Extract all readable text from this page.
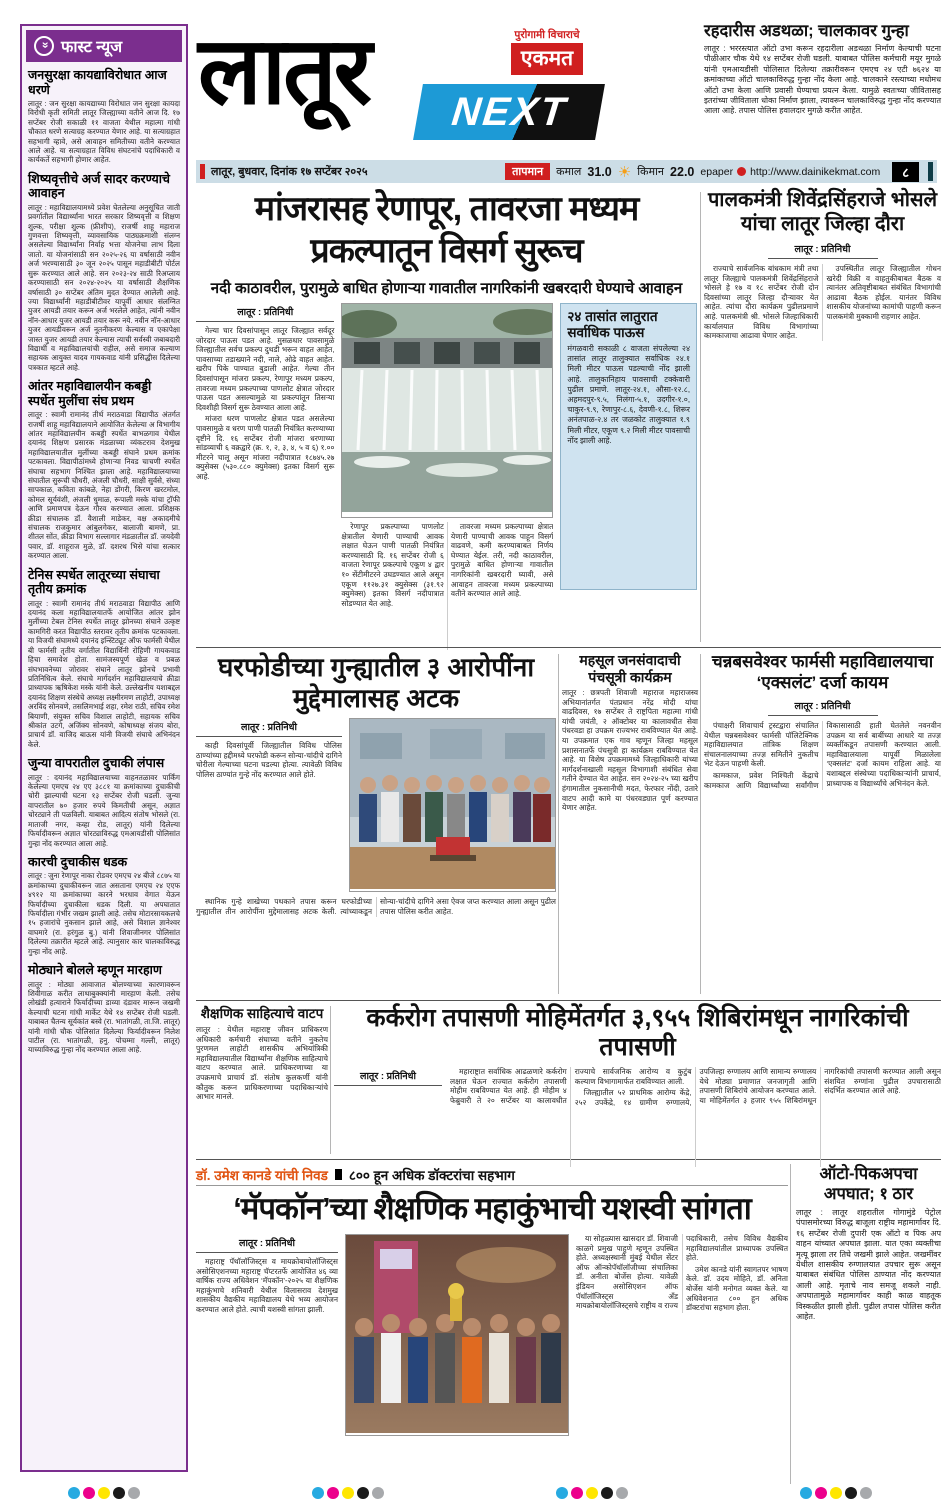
« फास्ट न्यूज
जनसुरक्षा कायद्याविरोधात आज धरणे
लातूर : जन सुरक्षा कायद्याच्या विरोधात जन सुरक्षा कायदा विरोधी कृती समिती लातूर जिल्ह्याच्या वतीने आज दि. १७ सप्टेंबर रोजी सकाळी ११ वाजता येथील महात्मा गांधी चौकात धरणे सत्याग्रह करण्यात येणार आहे. या सत्याग्रहात सहभागी व्हावे, असे आवाहन समितीच्या वतीने करण्यात आले आहे. या सत्याग्रहात विविध संघटनांचे पदाधिकारी व कार्यकर्ते सहभागी होणार आहेत.
शिष्यवृत्तीचे अर्ज सादर करण्याचे आवाहन
लातूर : महाविद्यालयामध्ये प्रवेश घेतलेल्या अनुसूचित जाती प्रवर्गातील विद्यार्थ्यांना भारत सरकार शिष्यवृत्ती व शिक्षण शुल्क, परीक्षा शुल्क (फ्रीशीप), राजर्षी शाहू महाराज गुणवत्ता शिष्यवृत्ती, व्यावसायिक पाठ्यक्रमाशी संलग्न असलेल्या विद्यार्थ्यांना निर्वाह भत्ता योजनेचा लाभ दिला जातो. या योजनांसाठी सन २०२५-२६ या वर्षासाठी नवीन अर्ज भरण्यासाठी ३० जून २०२५ पासून महाडीबीटी पोर्टल सुरू करण्यात आले आहे. सन २०२३-२४ साठी रिअप्लाय करण्यासाठी सन २०२४-२०२५ या वर्षासाठी शैक्षणिक वर्षासाठी ३० सप्टेंबर अंतिम मुदत देण्यात आलेली आहे. ज्या विद्यार्थ्यांनी महाडीबीटीवर यापूर्वी आधार संलग्नित युजर आयडी तयार करून अर्ज भरलेले आहेत, त्यांनी नवीन नॉन-आधार युजर आयडी तयार करू नये. नवीन नॉन-आधार युजर आयडीवरून अर्ज नूतनीकरण केल्यास व एकापेक्षा जास्त युजर आयडी तयार केल्यास त्याची सर्वस्वी जबाबदारी विद्यार्थी व महाविद्यालयांची राहील, असे समाज कल्याण सहायक आयुक्त यादव गायकवाड यांनी प्रसिद्धीस दिलेल्या पत्रकात म्हटले आहे.
आंतर महाविद्यालयीन कबड्डी स्पर्धेत मुलींचा संघ प्रथम
लातूर : स्वामी रामानंद तीर्थ मराठवाडा विद्यापीठ अंतर्गत राजर्षी शाहू महाविद्यालयाने आयोजित केलेल्या अ विभागीय आंतर महाविद्यालयीन कबड्डी स्पर्धेत बाभळगाव येथील दयानंद शिक्षण प्रसारक मंडळाच्या व्यंकटराव देशमुख महाविद्यालयातील मुलींच्या कबड्डी संघाने प्रथम क्रमांक पटकावला. विद्यापीठांमध्ये होणाऱ्या निवड चाचणी स्पर्धेत संघाचा सहभाग निश्चित झाला आहे. महाविद्यालयाच्या संघातील सुरूची चौधरी, अंजली चौधरी, साक्षी सुर्वसे, संध्या सापकाळ, कविता कांबळे, नेहा डोंगरी, किरण खरटमोल, कोमल सूर्यवंशी, अंजली धुमाळ, रूपाली मस्के यांचा ट्रॉफी आणि प्रमाणपत्र देऊन गौरव करण्यात आला. प्रशिक्षक क्रीडा संचालक डॉ. वैशाली माडेकर, वक्ष अकादमीचे संचालक राजकुमार आंबुलगेकर, बालाजी बामणे, प्रा. शीतल सोंत, क्रीडा विभाग सल्लागार मंडळातील डॉ. जयदेवी पवार, डॉ. शाहूराज मुळे, डॉ. दशरथ भिसे यांचा सत्कार करण्यात आला.
टेनिस स्पर्धेत लातूरच्या संघाचा तृतीय क्रमांक
लातूर : स्वामी रामानंद तीर्थ मराठवाडा विद्यापीठ आणि दयानंद कला महाविद्यालयातर्फे आयोजित आंतर झोन मुलींच्या टेबल टेनिस स्पर्धेत लातूर झोनच्या संघाने उत्कृष्ट कामगिरी करत विद्यापीठ स्तरावर तृतीय क्रमांक पटकावला. या विजयी संघामध्ये दयानंद इन्स्टिट्यूट ऑफ फार्मसी येथील बी फार्मसी तृतीय वर्गातील विद्यार्थिनी रोहिणी गायकवाड हिचा समावेश होता. सामंजस्यपूर्ण खेळ व प्रबळ संघभावनेच्या जोरावर संघाने लातूर झोनचे प्रभावी प्रतिनिधित्व केले. संघाचे मार्गदर्शन महाविद्यालयाचे क्रीडा प्राध्यापक ऋषिकेश मस्के यांनी केले. उल्लेखनीय यशाबद्दल दयानंद शिक्षण संस्थेचे अध्यक्ष लक्ष्मीरमण लाहोटी, उपाध्यक्ष अरविंद सोनवणे, तसलिमभाई शहा, रमेश राठी, सचिव रमेश बियाणी, संयुक्त सचिव विशाल लाहोटी, सहायक सचिव श्रीकांत उटगे, अजिंक्य सोनवणे, कोषाध्यक्ष संजय बोरा, प्राचार्य डॉ. वाजिद बाऊस यांनी विजयी संघाचे अभिनंदन केले.
जुन्या वापरातील दुचाकी लंपास
लातूर : दयानंद महाविद्यालयाच्या वाहनतळावर पार्किंग केलेल्या एमएच २४ एए ३८८१ या क्रमांकाच्या दुचाकीची चोरी झाल्याची घटना १३ सप्टेंबर रोजी घडली. जुन्या वापरातील ७० हजार रुपये किमतीची असून, अज्ञात चोरट्याने ती पळविली. याबाबत आदित्य संतोष भोसले (रा. माताजी नगर, कव्हा रोड, लातूर) यांनी दिलेल्या फिर्यादीवरून अज्ञात चोरट्याविरुद्ध एमआयडीसी पोलिसांत गुन्हा नोंद करण्यात आला आहे.
कारची दुचाकीस धडक
लातूर : जुना रेणापूर नाका रोडवर एमएच २४ बीजे ८८७५ या क्रमांकाच्या दुचाकीवरून जात असताना एमएच २४ एएफ ४९१२ या क्रमांकाच्या कारने भरधाव वेगात येऊन फिर्यादीच्या दुचाकीला धडक दिली. या अपघातात फिर्यादीला गंभीर जखम झाली आहे. तसेच मोटारसायकलचे १५ हजारांचे नुकसान झाले आहे, असे विशाल ज्ञानेश्वर वाघमारे (रा. हरंगुळ बु.) यांनी शिवाजीनगर पोलिसांत दिलेल्या तक्रारीत म्हटले आहे. त्यानुसार कार चालकाविरुद्ध गुन्हा नोंद आहे.
मोठ्याने बोलले म्हणून मारहाण
लातूर : मोठ्या आवाजात बोलण्याच्या कारणावरून शिवीगाळ करीत लाथाबुक्क्यांनी मारहाण केली. तसेच लोखंडी हत्याराने फिर्यादीच्या डाव्या दंडावर मारून जखमी केल्याची घटना गांधी मार्केट येथे १४ सप्टेंबर रोजी घडली. याबाबत चैतन्य सूर्यकांत बस्वे (रा. भातांगळी, ता.जि. लातूर) यांनी गांधी चौक पोलिसांत दिलेल्या फिर्यादीवरून निलेश पाटील (रा. भातांगळी, हनु. पोचम्मा गल्ली, लातूर) याच्याविरुद्ध गुन्हा नोंद करण्यात आला आहे.
लातूर	पुरोगामी विचाराचे
एकमत
NEXT
रहदारीस अडथळा; चालकावर गुन्हा
लातूर : भररस्त्यात ऑटो उभा करून रहदारीला अडथळा निर्माण केल्याची घटना पौळीआर चौक येथे १४ सप्टेंबर रोजी घडली. याबाबत पोलिस कर्मचारी मयूर मुगळे यांनी एमआयडीसी पोलिसात दिलेल्या तक्रारीवरून एमएच २४ एटी ७६२४ या क्रमांकाच्या ऑटो चालकाविरुद्ध गुन्हा नोंद केला आहे. चालकाने रस्त्याच्या मधोमध ऑटो उभा केला आणि प्रवासी घेण्याचा प्रयत्न केला. यामुळे स्वतःच्या जीवितासह इतरांच्या जीविताला धोका निर्माण झाला, त्यावरून चालकाविरुद्ध गुन्हा नोंद करण्यात आला आहे. तपास पोलिस हवालदार मुगळे करीत आहेत.
लातूर, बुधवार, दिनांक १७ सप्टेंबर २०२५	तापमान	कमाल 31.0 ☀ किमान 22.0 epaper http://www.dainikekmat.com	८
मांजरासह रेणापूर, तावरजा मध्यम प्रकल्पातून विसर्ग सुरूच
नदी काठावरील, पुरामुळे बाधित होणाऱ्या गावातील नागरिकांनी खबरदारी घेण्याचे आवाहन
लातूर : प्रतिनिधी

गेल्या चार दिवसांपासून लातूर जिल्ह्यात सर्वदूर जोरदार पाऊस पडत आहे. मुसळधार पावसामुळे जिल्ह्यातील सर्वच प्रकल्प दुथडी भरून वाहत आहेत, पावसाच्या तडाख्याने नदी, नाले, ओढे वाहत आहेत. खरीप पिके पाण्यात बुडाली आहेत. गेल्या तीन दिवसांपासून मांजरा प्रकल्प, रेणापूर मध्यम प्रकल्प, तावरजा मध्यम प्रकल्पाच्या पाणलोट क्षेत्रात जोरदार पाऊस पडत असल्यामुळे या प्रकल्पांतून तिसऱ्या दिवशीही विसर्ग सुरू ठेवण्यात आला आहे.

मांजरा धरण पाणलोट क्षेत्रात पडत असलेल्या पावसामुळे व धरण पाणी पातळी नियंत्रित करण्याच्या दृष्टीने दि. १६ सप्टेंबर रोजी मांजरा धरणाच्या सांडव्याची ६ वक्रद्वारे (क्र. १, २, ३, ४, ५ व ६) १.०० मीटरने चालू असून मांजरा नदीपात्रात १८७४५.२७ क्युसेक्स (५३०.८८० क्युमेक्स) इतका विसर्ग सुरू आहे.

रेणापूर प्रकल्पाच्या पाणलोट क्षेत्रातील येणारी पाण्याची आवक लक्षात घेऊन पाणी पातळी नियंत्रित करण्यासाठी दि. १६ सप्टेंबर रोजी ६ वाजता रेणापूर प्रकल्पाचे एकूण ४ द्वार १० सेंटीमीटरने उघडण्यात आले असून एकूण ११२७.३१ क्युसेक्स (३१.९२ क्युमेक्स) इतका विसर्ग नदीपात्रात सोडण्यात येत आहे.

तावरजा मध्यम प्रकल्पाच्या क्षेत्रात येणारी पाण्याची आवक पाहून विसर्ग वाढवणे, कमी करण्याबाबत निर्णय घेण्यात येईल. तरी, नदी काठावरील, पुरामुळे बाधित होणाऱ्या गावातील नागरिकांनी खबरदारी घ्यावी, असे आवाहन तावरजा मध्यम प्रकल्पाच्या वतीने करण्यात आले आहे.

२४ तासांत लातुरात सर्वाधिक पाऊस
मंगळवारी सकाळी ८ वाजता संपलेल्या २४ तासांत लातूर तालुक्यात सर्वाधिक २४.१ मिली मीटर पाऊस पडल्याची नोंद झाली आहे. तालुकानिहाय पावसाची टक्केवारी पुढील प्रमाणे. लातूर-२४.१, औसा-१२.८, अहमदपुर-९.५, निलंगा-५.१, उदगीर-१.०, चाकुर-९.९, रेणापुर-८.६, देवणी-१.८, शिरूर अनंतपाळ-२.४ तर जळकोट तालुक्यात १.९ मिली मीटर, एकूण ९.२ मिली मीटर पावसाची नोंद झाली आहे.
पालकमंत्री शिवेंद्रसिंहराजे भोसले यांचा लातूर जिल्हा दौरा
लातूर : प्रतिनिधी

राज्याचे सार्वजनिक बांधकाम मंत्री तथा लातूर जिल्ह्याचे पालकमंत्री शिवेंद्रसिंहराजे भोसले हे १७ व १८ सप्टेंबर रोजी दोन दिवसांच्या लातूर जिल्हा दौऱ्यावर येत आहेत. त्यांचा दौरा कार्यक्रम पुढीलप्रमाणे आहे. पालकमंत्री श्री. भोसले जिल्हाधिकारी कार्यालयात विविध विभागांच्या कामकाजाचा आढावा घेणार आहेत.

उपस्थितीत लातूर जिल्ह्यातील गोधन खरेदी विक्री व वाहतुकीबाबत बैठक व त्यानंतर अतिवृष्टीबाबत संबंधित विभागांची आढावा बैठक होईल. यानंतर विविध शासकीय योजनांच्या कामांची पाहणी करून पालकमंत्री मुक्कामी राहणार आहेत.

घरफोडीच्या गुन्ह्यातील ३ आरोपींना मुद्देमालासह अटक
लातूर : प्रतिनिधी

काही दिवसांपूर्वी जिल्ह्यातील विविध पोलिस ठाण्यांच्या हद्दीमध्ये घरफोडी करून सोन्या-चांदीचे दागिने चोरीला गेल्याच्या घटना घडल्या होत्या. त्यावेळी विविध पोलिस ठाण्यांत गुन्हे नोंद करण्यात आले होते.

स्थानिक गुन्हे शाखेच्या पथकाने तपास करून घरफोडीच्या गुन्ह्यातील तीन आरोपींना मुद्देमालासह अटक केली. त्यांच्याकडून सोन्या-चांदीचे दागिने असा ऐवज जप्त करण्यात आला असून पुढील तपास पोलिस करीत आहेत.

महसूल जनसंवादाची पंचसूत्री कार्यक्रम
लातूर : छत्रपती शिवाजी महाराज महाराजस्व अभियानांतर्गत पंतप्रधान नरेंद्र मोदी यांचा वाढदिवस, १७ सप्टेंबर ते राष्ट्रपिता महात्मा गांधी यांची जयंती, २ ऑक्टोबर या कालावधीत सेवा पंधरवडा हा उपक्रम राज्यभर राबविण्यात येत आहे. या उपक्रमात एक गाव म्हणून जिल्हा महसूल प्रशासनातर्फे पंचसूत्री हा कार्यक्रम राबविण्यात येत आहे. या विशेष उपक्रमामध्ये जिल्हाधिकारी यांच्या मार्गदर्शनाखाली महसूल विभागाशी संबंधित सेवा गतीने देण्यात येत आहेत. सन २०२४-२५ च्या खरीप हंगामातील नुकसानीची मदत, फेरफार नोंदी, उतारे वाटप आदी कामे या पंधरवड्यात पूर्ण करण्यात येणार आहेत.
चन्नबसवेश्वर फार्मसी महाविद्यालयाचा ‘एक्सलंट’ दर्जा कायम
लातूर : प्रतिनिधी

पंचाक्षरी शिवाचार्य ट्रस्टद्वारा संचालित येथील चन्नबसवेश्वर फार्मसी पॉलिटेक्निक महाविद्यालयात तांत्रिक शिक्षण संचालनालयाच्या तज्ज्ञ समितीने नुकतीच भेट देऊन पाहणी केली.

कामकाज, प्रवेश निश्चिती केंद्राचे कामकाज आणि विद्यार्थ्यांच्या सर्वांगीण विकासासाठी हाती घेतलेले नवनवीन उपक्रम या सर्व बाबींच्या आधारे या तज्ज्ञ व्यक्तींकडून तपासणी करण्यात आली. महाविद्यालयाला यापूर्वी मिळालेला ‘एक्सलंट’ दर्जा कायम राहिला आहे. या यशाबद्दल संस्थेच्या पदाधिकाऱ्यांनी प्राचार्य, प्राध्यापक व विद्यार्थ्यांचे अभिनंदन केले.

शैक्षणिक साहित्याचे वाटप
लातूर : येथील महाराष्ट्र जीवन प्राधिकरण अधिकारी कर्मचारी संघाच्या वतीने नुकतेच पुरणमल लाहोटी शासकीय अभियांत्रिकी महाविद्यालयातील विद्यार्थ्यांना शैक्षणिक साहित्याचे वाटप करण्यात आले. प्राधिकरणाच्या या उपक्रमाचे प्राचार्य डॉ. संतोष कुलकर्णी यांनी कौतुक करून प्राधिकरणाच्या पदाधिकाऱ्यांचे आभार मानले.
कर्करोग तपासणी मोहिमेंतर्गत ३,९५५ शिबिरांमधून नागरिकांची तपासणी
लातूर : प्रतिनिधी	महाराष्ट्रात सर्वाधिक आढळणारे कर्करोग लक्षात घेऊन राज्यात कर्करोग तपासणी मोहीम राबविण्यात येत आहे. ही मोहीम ४ फेब्रुवारी ते २० सप्टेंबर या कालावधीत राज्याचे सार्वजनिक आरोग्य व कुटुंब कल्याण विभागामार्फत राबविण्यात आली.

जिल्ह्यातील ५२ प्राथमिक आरोग्य केंद्रे, २५२ उपकेंद्रे, १४ ग्रामीण रुग्णालये, उपजिल्हा रुग्णालय आणि सामान्य रुग्णालय येथे मोठ्या प्रमाणात जनजागृती आणि तपासणी शिबिरांचे आयोजन करण्यात आले. या मोहिमेंतर्गत ३ हजार ९५५ शिबिरांमधून नागरिकांची तपासणी करण्यात आली असून संशयित रुग्णांना पुढील उपचारासाठी संदर्भित करण्यात आले आहे.

डॉ. उमेश कानडे यांची निवड ८०० हून अधिक डॉक्टरांचा सहभाग
‘मॅपकॉन’च्या शैक्षणिक महाकुंभाची यशस्वी सांगता
लातूर : प्रतिनिधी

महाराष्ट्र पॅथॉलॉजिस्ट्स व मायक्रोबायोलॉजिस्ट्स असोसिएशनच्या महाराष्ट्र चॅप्टरतर्फे आयोजित ४६ व्या वार्षिक राज्य अधिवेशन ‘मॅपकॉन’-२०२५ या शैक्षणिक महाकुंभाचे शनिवारी येथील विलासराव देशमुख शासकीय वैद्यकीय महाविद्यालय येथे भव्य आयोजन करण्यात आले होते. त्याची यशस्वी सांगता झाली.

या सोहळ्यास खासदार डॉ. शिवाजी काळगे प्रमुख पाहुणे म्हणून उपस्थित होते. अध्यक्षस्थानी मुंबई येथील सेंटर ऑफ ऑन्कोपॅथॉलॉजीच्या संचालिका डॉ. अनीता बोर्जेस होत्या. यावेळी इंडियन असोसिएशन ऑफ पॅथॉलॉजिस्ट्स अँड मायक्रोबायोलॉजिस्ट्सचे राष्ट्रीय व राज्य पदाधिकारी, तसेच विविध वैद्यकीय महाविद्यालयांतील प्राध्यापक उपस्थित होते.

उमेश कानडे यांनी स्वागतपर भाषण केले. डॉ. उदय मोहिते, डॉ. अनिता बोर्जेस यांनी मनोगत व्यक्त केले. या अधिवेशनात ८०० हून अधिक डॉक्टरांचा सहभाग होता.

ऑटो-पिकअपचा अपघात; १ ठार
लातूर : लातूर शहरातील गोगामुंडे पेट्रोल पंपासमोरच्या विरुद्ध बाजूला राष्ट्रीय महामार्गावर दि. १६ सप्टेंबर रोजी दुपारी एक ऑटो व पिक अप वाहन यांच्यात अपघात झाला. यात एका व्यक्तीचा मृत्यू झाला तर तिघे जखमी झाले आहेत. जखमींवर येथील शासकीय रुग्णालयात उपचार सुरू असून याबाबत संबंधित पोलिस ठाण्यात नोंद करण्यात आली आहे. मृताचे नाव समजू शकले नाही. अपघातामुळे महामार्गावर काही काळ वाहतूक विस्कळीत झाली होती. पुढील तपास पोलिस करीत आहेत.
